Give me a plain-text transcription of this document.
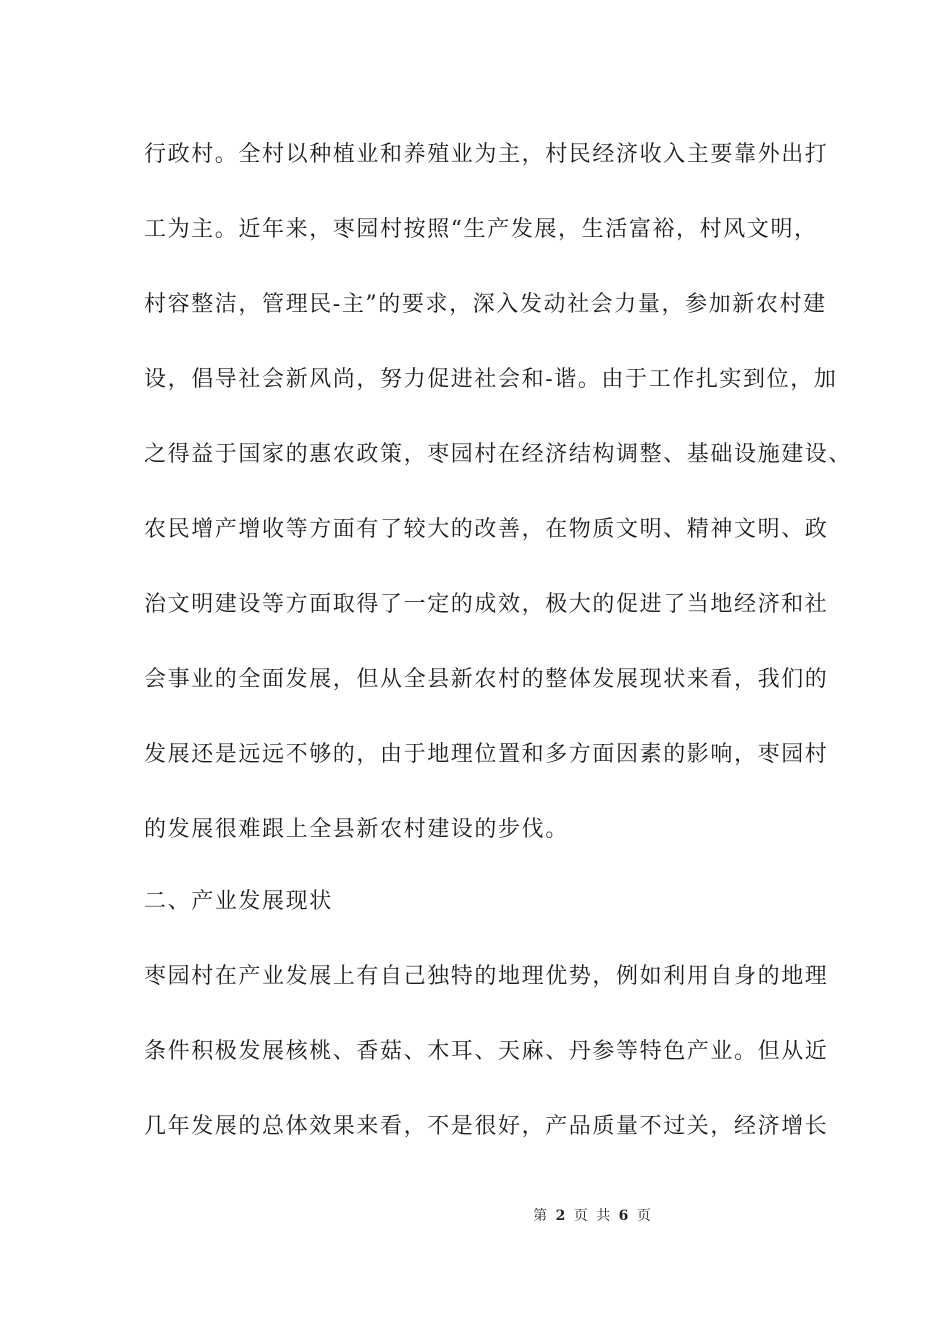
行政村。全村以种植业和养殖业为主，村民经济收入主要靠外出打
工为主。近年来，枣园村按照“生产发展，生活富裕，村风文明，
村容整洁，管理民-主”的要求，深入发动社会力量，参加新农村建
设，倡导社会新风尚，努力促进社会和-谐。由于工作扎实到位，加
之得益于国家的惠农政策，枣园村在经济结构调整、基础设施建设、
农民增产增收等方面有了较大的改善，在物质文明、精神文明、政
治文明建设等方面取得了一定的成效，极大的促进了当地经济和社
会事业的全面发展，但从全县新农村的整体发展现状来看，我们的
发展还是远远不够的，由于地理位置和多方面因素的影响，枣园村
的发展很难跟上全县新农村建设的步伐。
二、产业发展现状
枣园村在产业发展上有自己独特的地理优势，例如利用自身的地理
条件积极发展核桃、香菇、木耳、天麻、丹参等特色产业。但从近
几年发展的总体效果来看，不是很好，产品质量不过关，经济增长
第 2 页 共 6 页
